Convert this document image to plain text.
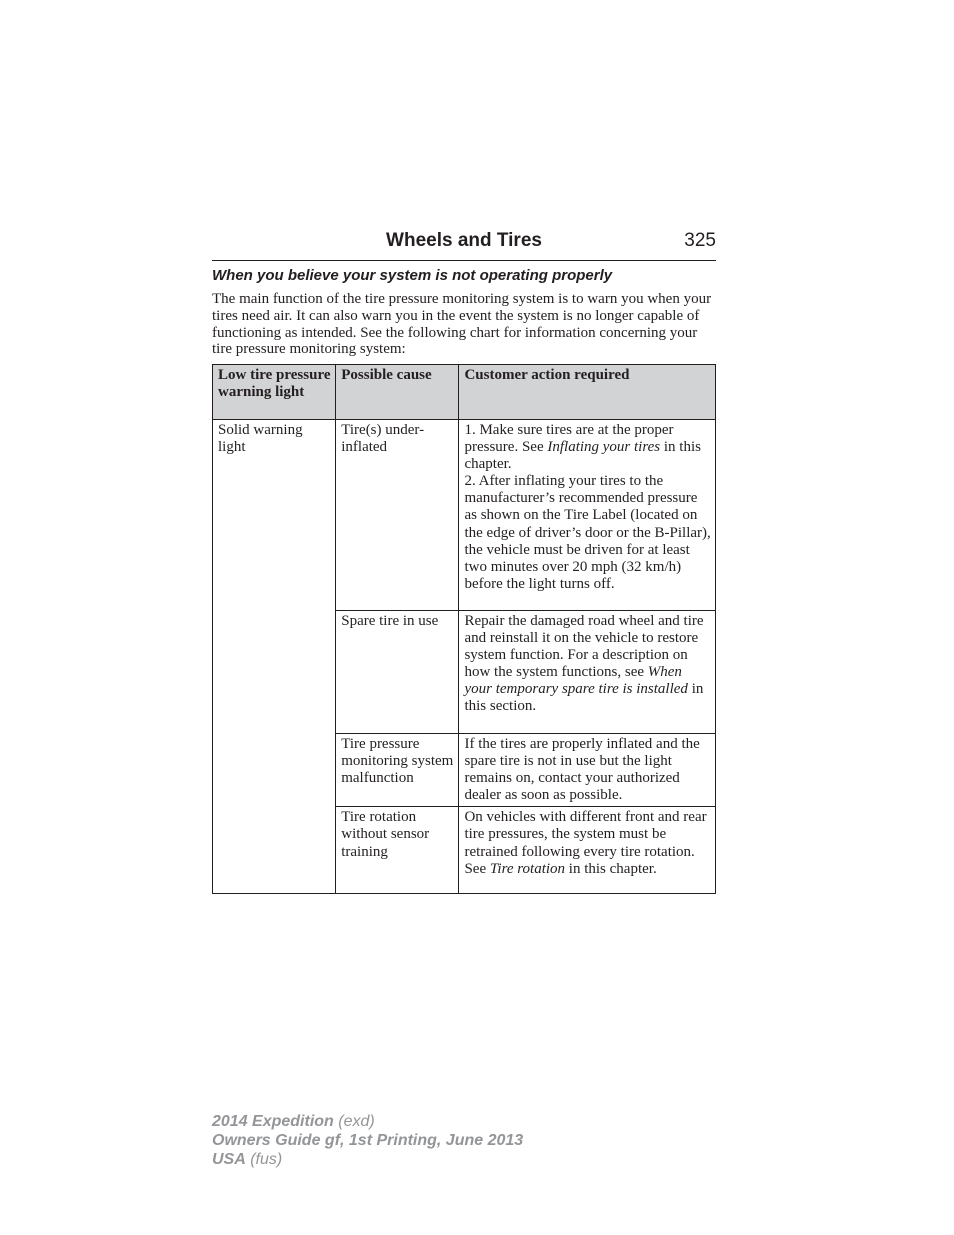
Wheels and Tires	325
When you believe your system is not operating properly

The main function of the tire pressure monitoring system is to warn you when your tires need air. It can also warn you in the event the system is no longer capable of functioning as intended. See the following chart for information concerning your tire pressure monitoring system:

Low tire pressure warning light	Possible cause	Customer action required
Solid warning light	Tire(s) under-inflated	1. Make sure tires are at the proper pressure. See Inflating your tires in this chapter.
2. After inflating your tires to the manufacturer’s recommended pressure as shown on the Tire Label (located on the edge of driver’s door or the B-Pillar), the vehicle must be driven for at least two minutes over 20 mph (32 km/h) before the light turns off.
	Spare tire in use	Repair the damaged road wheel and tire and reinstall it on the vehicle to restore system function. For a description on how the system functions, see When your temporary spare tire is installed in this section.
	Tire pressure monitoring system malfunction	If the tires are properly inflated and the spare tire is not in use but the light remains on, contact your authorized dealer as soon as possible.
	Tire rotation without sensor training	On vehicles with different front and rear tire pressures, the system must be retrained following every tire rotation. See Tire rotation in this chapter.
2014 Expedition (exd)
Owners Guide gf, 1st Printing, June 2013
USA (fus)
